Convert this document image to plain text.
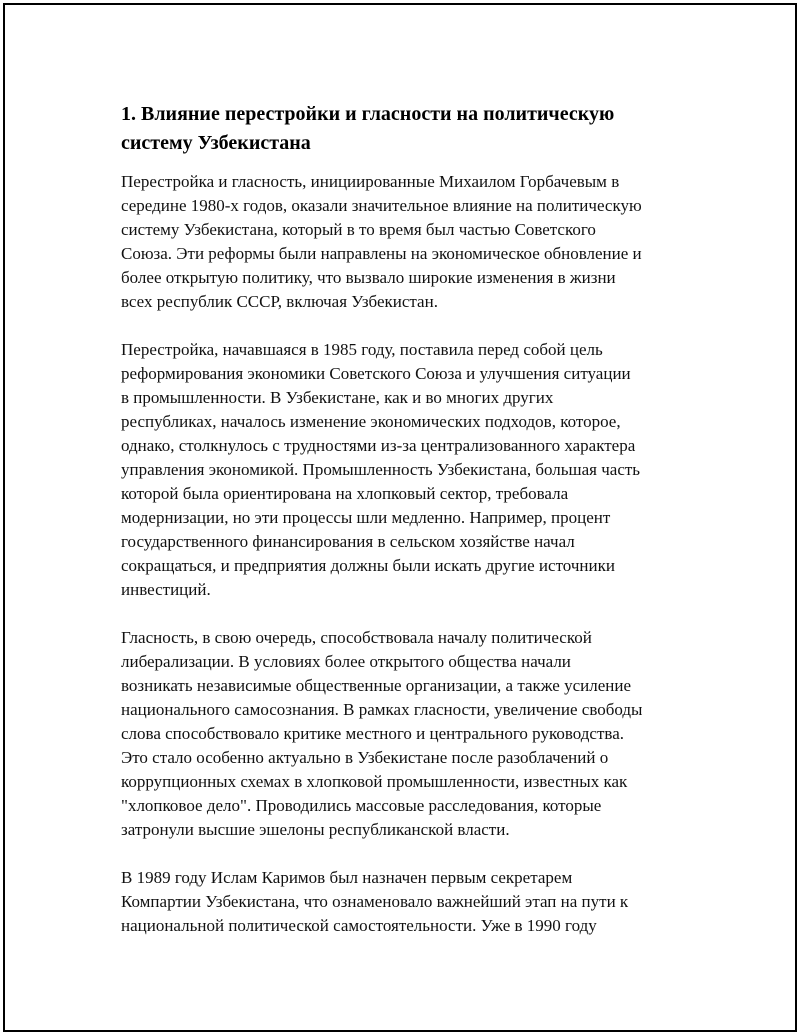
1. Влияние перестройки и гласности на политическую
систему Узбекистана

Перестройка и гласность, инициированные Михаилом Горбачевым в
середине 1980-х годов, оказали значительное влияние на политическую
систему Узбекистана, который в то время был частью Советского
Союза. Эти реформы были направлены на экономическое обновление и
более открытую политику, что вызвало широкие изменения в жизни
всех республик СССР, включая Узбекистан.

Перестройка, начавшаяся в 1985 году, поставила перед собой цель
реформирования экономики Советского Союза и улучшения ситуации
в промышленности. В Узбекистане, как и во многих других
республиках, началось изменение экономических подходов, которое,
однако, столкнулось с трудностями из-за централизованного характера
управления экономикой. Промышленность Узбекистана, большая часть
которой была ориентирована на хлопковый сектор, требовала
модернизации, но эти процессы шли медленно. Например, процент
государственного финансирования в сельском хозяйстве начал
сокращаться, и предприятия должны были искать другие источники
инвестиций.

Гласность, в свою очередь, способствовала началу политической
либерализации. В условиях более открытого общества начали
возникать независимые общественные организации, а также усиление
национального самосознания. В рамках гласности, увеличение свободы
слова способствовало критике местного и центрального руководства.
Это стало особенно актуально в Узбекистане после разоблачений о
коррупционных схемах в хлопковой промышленности, известных как
"хлопковое дело". Проводились массовые расследования, которые
затронули высшие эшелоны республиканской власти.

В 1989 году Ислам Каримов был назначен первым секретарем
Компартии Узбекистана, что ознаменовало важнейший этап на пути к
национальной политической самостоятельности. Уже в 1990 году
